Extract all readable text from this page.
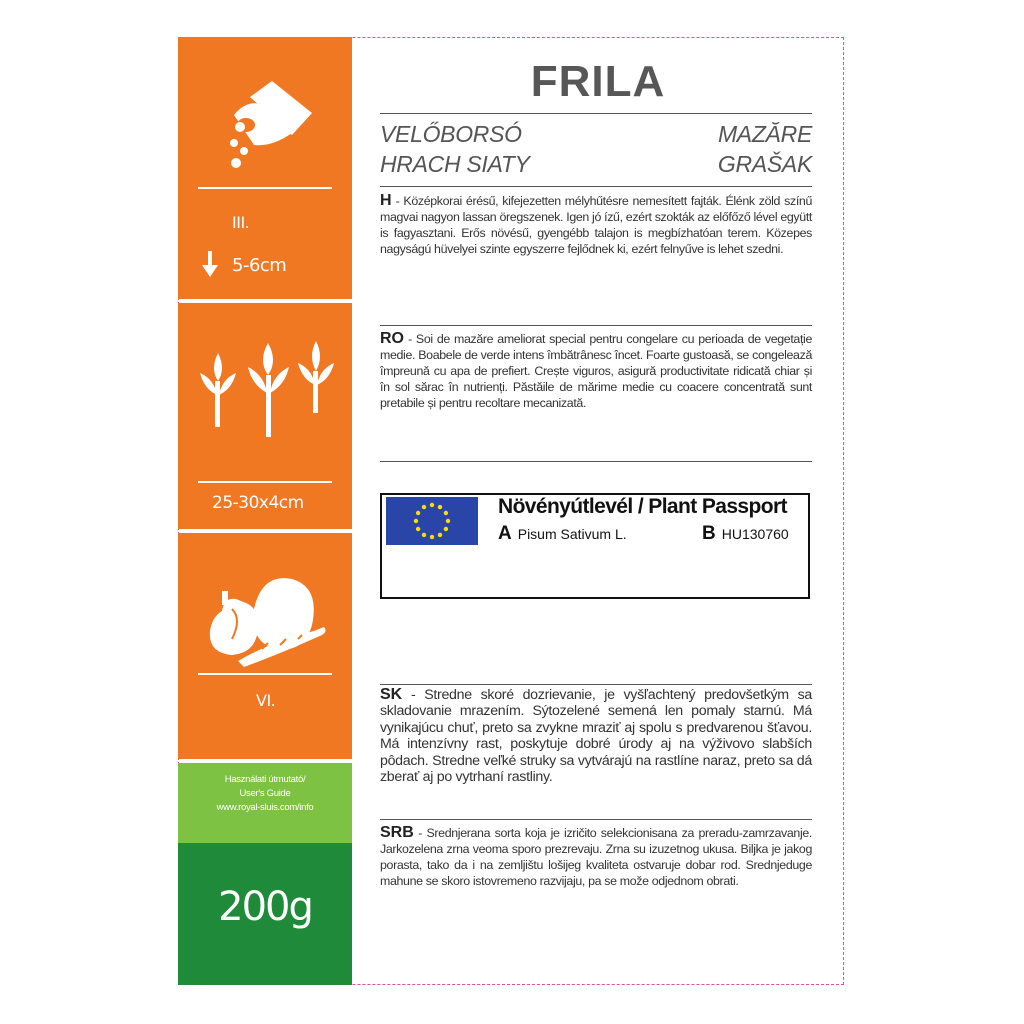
III.
5-6cm
25-30x4cm
VI.
Használati útmutató/
User's Guide
www.royal-sluis.com/info
200g
FRILA
VELŐBORSÓ	MAZĂRE
HRACH SIATY	GRAŠAK
H - Középkorai érésű, kifejezetten mélyhűtésre nemesített fajták. Élénk zöld színű magvai nagyon lassan öregszenek. Igen jó ízű, ezért szokták az előfőző lével együtt is fagyasztani. Erős növésű, gyengébb talajon is megbízhatóan terem. Közepes nagyságú hüvelyei szinte egyszerre fejlődnek ki, ezért felnyűve is lehet szedni.
RO - Soi de mazăre ameliorat special pentru congelare cu perioada de vegetație medie. Boabele de verde intens îmbătrânesc încet. Foarte gustoasă, se congelează împreună cu apa de prefiert. Crește viguros, asigură productivitate ridicată chiar și în sol sărac în nutrienți. Păstăile de mărime medie cu coacere concentrată sunt pretabile și pentru recoltare mecanizată.
Növényútlevél / Plant Passport
A Pisum Sativum L.	B HU130760
SK - Stredne skoré dozrievanie, je vyšľachtený predovšetkým sa skladovanie mrazením. Sýtozelené semená len pomaly starnú. Má vynikajúcu chuť, preto sa zvykne mraziť aj spolu s predvarenou šťavou. Má intenzívny rast, poskytuje dobré úrody aj na výživovo slabších pôdach. Stredne veľké struky sa vytvárajú na rastlíne naraz, preto sa dá zberať aj po vytrhaní rastliny.
SRB - Srednjerana sorta koja je izričito selekcionisana za preradu-zamrzavanje. Jarkozelena zrna veoma sporo prezrevaju. Zrna su izuzetnog ukusa. Biljka je jakog porasta, tako da i na zemljištu lošijeg kvaliteta ostvaruje dobar rod. Srednjeduge mahune se skoro istovremeno razvijaju, pa se može odjednom obrati.
